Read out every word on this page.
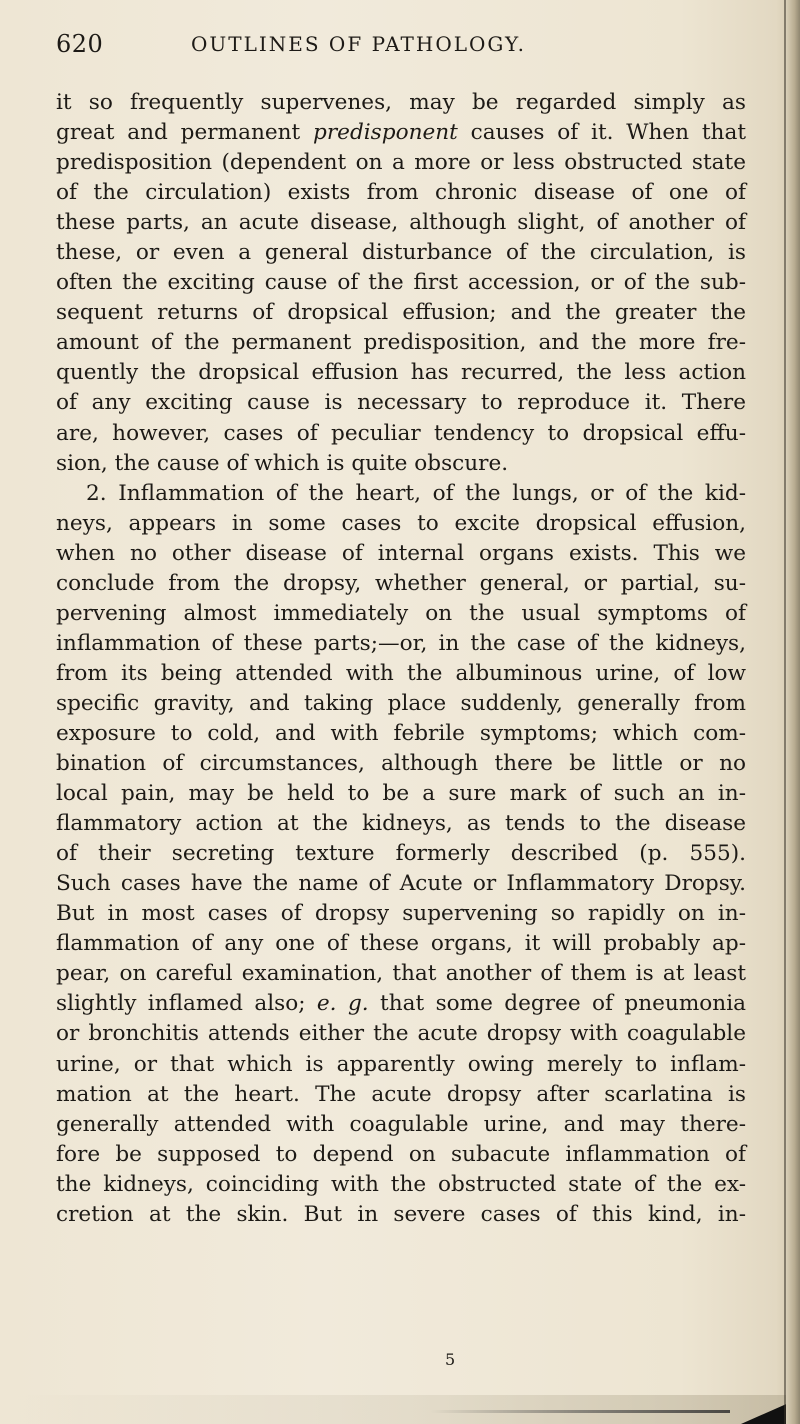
620	OUTLINES OF PATHOLOGY.
it so frequently supervenes, may be regarded simply as
great and permanent predisponent causes of it. When that
predisposition (dependent on a more or less obstructed state
of the circulation) exists from chronic disease of one of
these parts, an acute disease, although slight, of another of
these, or even a general disturbance of the circulation, is
often the exciting cause of the first accession, or of the sub-
sequent returns of dropsical effusion; and the greater the
amount of the permanent predisposition, and the more fre-
quently the dropsical effusion has recurred, the less action
of any exciting cause is necessary to reproduce it. There
are, however, cases of peculiar tendency to dropsical effu-
sion, the cause of which is quite obscure.
2. Inflammation of the heart, of the lungs, or of the kid-
neys, appears in some cases to excite dropsical effusion,
when no other disease of internal organs exists. This we
conclude from the dropsy, whether general, or partial, su-
pervening almost immediately on the usual symptoms of
inflammation of these parts;—or, in the case of the kidneys,
from its being attended with the albuminous urine, of low
specific gravity, and taking place suddenly, generally from
exposure to cold, and with febrile symptoms; which com-
bination of circumstances, although there be little or no
local pain, may be held to be a sure mark of such an in-
flammatory action at the kidneys, as tends to the disease
of their secreting texture formerly described (p. 555).
Such cases have the name of Acute or Inflammatory Dropsy.
But in most cases of dropsy supervening so rapidly on in-
flammation of any one of these organs, it will probably ap-
pear, on careful examination, that another of them is at least
slightly inflamed also; e. g. that some degree of pneumonia
or bronchitis attends either the acute dropsy with coagulable
urine, or that which is apparently owing merely to inflam-
mation at the heart. The acute dropsy after scarlatina is
generally attended with coagulable urine, and may there-
fore be supposed to depend on subacute inflammation of
the kidneys, coinciding with the obstructed state of the ex-
cretion at the skin. But in severe cases of this kind, in-
5
